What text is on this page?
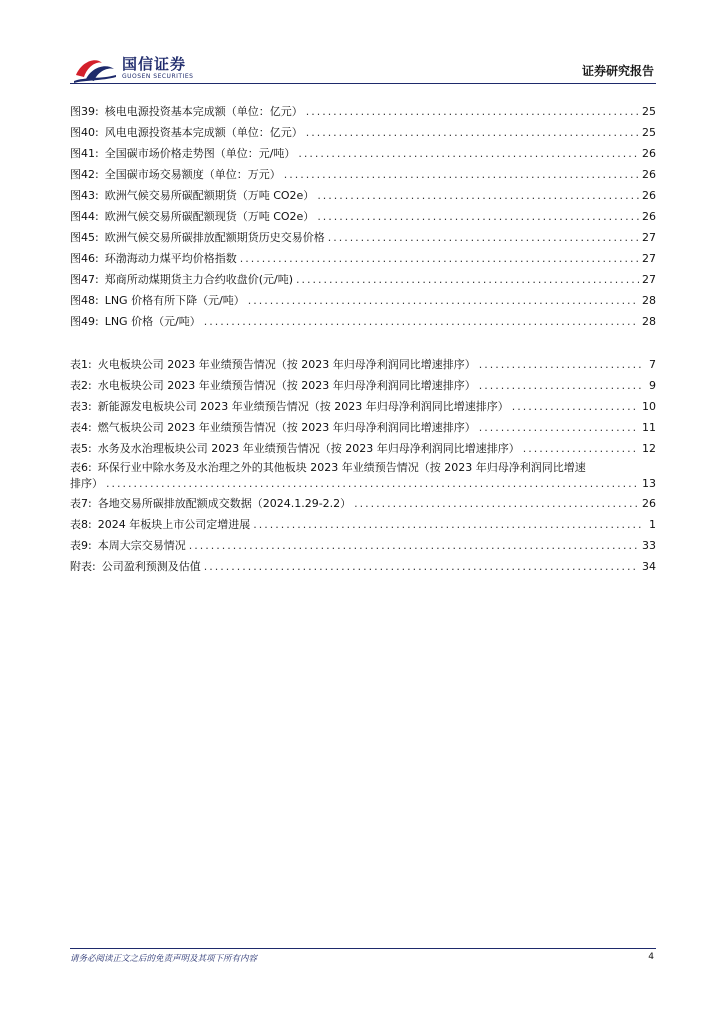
国信证券
GUOSEN SECURITIES	证券研究报告
图39: 核电电源投资基本完成额（单位：亿元） .....	25
图40: 风电电源投资基本完成额（单位：亿元） .....	25
图41: 全国碳市场价格走势图（单位：元/吨） .....	26
图42: 全国碳市场交易额度（单位：万元） .....	26
图43: 欧洲气候交易所碳配额期货（万吨 CO2e） .....	26
图44: 欧洲气候交易所碳配额现货（万吨 CO2e） .....	26
图45: 欧洲气候交易所碳排放配额期货历史交易价格 .....	27
图46: 环渤海动力煤平均价格指数 .....	27
图47: 郑商所动煤期货主力合约收盘价(元/吨) .....	27
图48: LNG 价格有所下降（元/吨） .....	28
图49: LNG 价格（元/吨） .....	28
表1: 火电板块公司 2023 年业绩预告情况（按 2023 年归母净利润同比增速排序） .....	7
表2: 水电板块公司 2023 年业绩预告情况（按 2023 年归母净利润同比增速排序） .....	9
表3: 新能源发电板块公司 2023 年业绩预告情况（按 2023 年归母净利润同比增速排序） .....	10
表4: 燃气板块公司 2023 年业绩预告情况（按 2023 年归母净利润同比增速排序） .....	11
表5: 水务及水治理板块公司 2023 年业绩预告情况（按 2023 年归母净利润同比增速排序） .....	12
表6: 环保行业中除水务及水治理之外的其他板块 2023 年业绩预告情况（按 2023 年归母净利润同比增速
排序） .....	13
表7: 各地交易所碳排放配额成交数据（2024.1.29-2.2） .....	26
表8: 2024 年板块上市公司定增进展 .....	1
表9: 本周大宗交易情况 .....	33
附表: 公司盈利预测及估值 .....	34
请务必阅读正文之后的免责声明及其项下所有内容	4
